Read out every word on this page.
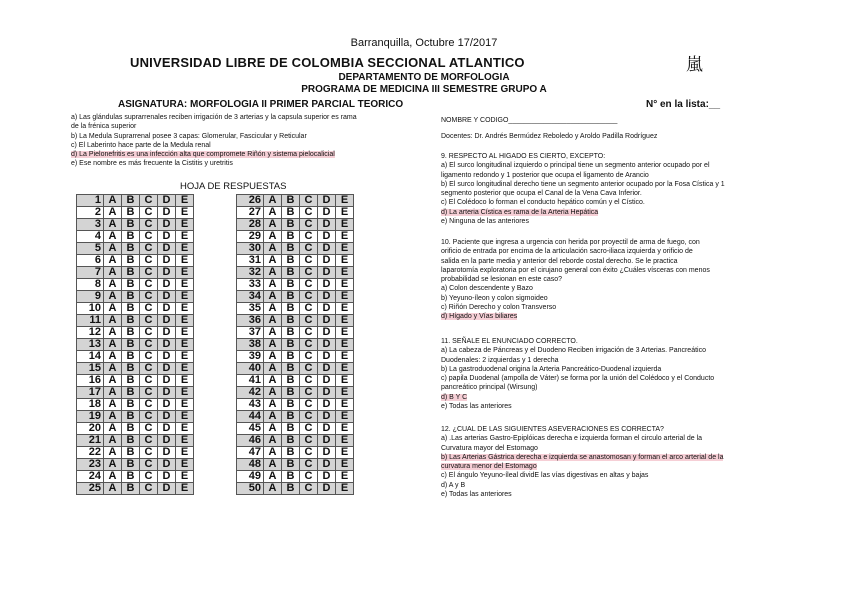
Barranquilla, Octubre 17/2017
嵐
UNIVERSIDAD LIBRE DE COLOMBIA SECCIONAL ATLANTICO
DEPARTAMENTO DE MORFOLOGIA
PROGRAMA DE MEDICINA III SEMESTRE GRUPO A
ASIGNATURA: MORFOLOGIA II PRIMER PARCIAL TEORICO	N° en la lista:__
a) Las glándulas suprarrenales reciben irrigación de 3 arterias y la capsula superior es rama
de la frénica superior
b) La Medula Suprarrenal posee 3 capas: Glomerular, Fascicular y Reticular
c) El Laberinto hace parte de la Medula renal
d) La Pielonefritis es una infección alta que compromete Riñón y sistema pielocalicial
e) Ese nombre es más frecuente la Cistitis y uretritis
HOJA DE RESPUESTAS
1	A	B	C	D	E
2	A	B	C	D	E
3	A	B	C	D	E
4	A	B	C	D	E
5	A	B	C	D	E
6	A	B	C	D	E
7	A	B	C	D	E
8	A	B	C	D	E
9	A	B	C	D	E
10	A	B	C	D	E
11	A	B	C	D	E
12	A	B	C	D	E
13	A	B	C	D	E
14	A	B	C	D	E
15	A	B	C	D	E
16	A	B	C	D	E
17	A	B	C	D	E
18	A	B	C	D	E
19	A	B	C	D	E
20	A	B	C	D	E
21	A	B	C	D	E
22	A	B	C	D	E
23	A	B	C	D	E
24	A	B	C	D	E
25	A	B	C	D	E
26	A	B	C	D	E
27	A	B	C	D	E
28	A	B	C	D	E
29	A	B	C	D	E
30	A	B	C	D	E
31	A	B	C	D	E
32	A	B	C	D	E
33	A	B	C	D	E
34	A	B	C	D	E
35	A	B	C	D	E
36	A	B	C	D	E
37	A	B	C	D	E
38	A	B	C	D	E
39	A	B	C	D	E
40	A	B	C	D	E
41	A	B	C	D	E
42	A	B	C	D	E
43	A	B	C	D	E
44	A	B	C	D	E
45	A	B	C	D	E
46	A	B	C	D	E
47	A	B	C	D	E
48	A	B	C	D	E
49	A	B	C	D	E
50	A	B	C	D	E
NOMBRE Y CODIGO____________________________
Docentes: Dr. Andrés Bermúdez Reboledo y Aroldo Padilla Rodríguez
9. RESPECTO AL HIGADO ES CIERTO, EXCEPTO:
a) El surco longitudinal izquierdo o principal tiene un segmento anterior ocupado por el
ligamento redondo y 1 posterior que ocupa el ligamento de Arancio
b) El surco longitudinal derecho tiene un segmento anterior ocupado por la Fosa Cística y 1
segmento posterior que ocupa el Canal de la Vena Cava Inferior.
c) El Colédoco lo forman el conducto hepático común y el Cístico.
d) La arteria Cística es rama de la Arteria Hepática
e) Ninguna de las anteriores
10. Paciente que ingresa a urgencia con herida por proyectil de arma de fuego, con
orificio de entrada por encima de la articulación sacro-iliaca izquierda y orificio de
salida en la parte media y anterior del reborde costal derecho. Se le practica
laparotomía exploratoria por el cirujano general con éxito ¿Cuáles vísceras con menos
probabilidad se lesionan en este caso?
a) Colon descendente y Bazo
b) Yeyuno-íleon y colon sigmoideo
c) Riñón Derecho y colon Transverso
d) Hígado y Vías biliares
11. SEÑALE EL ENUNCIADO CORRECTO.
a) La cabeza de Páncreas y el Duodeno Reciben irrigación de 3 Arterias. Pancreático
Duodenales: 2 izquierdas y 1 derecha
b) La gastroduodenal origina la Arteria Pancreático-Duodenal izquierda
c) papila Duodenal (ampolla de Váter) se forma por la unión del Colédoco y el Conducto
pancreático principal (Wirsung)
d) B Y C
e) Todas las anteriores
12. ¿CUAL DE LAS SIGUIENTES ASEVERACIONES ES CORRECTA?
a) .Las arterias Gastro-Epiplóicas derecha e izquierda forman el circulo arterial de la
Curvatura mayor del Estomago
b) Las Arterias Gástrica derecha e izquierda se anastomosan y forman el arco arterial de la
curvatura menor del Estomago
c) El ángulo Yeyuno-íleal dividE las vías digestivas en altas y bajas
d) A y B
e) Todas las anteriores
